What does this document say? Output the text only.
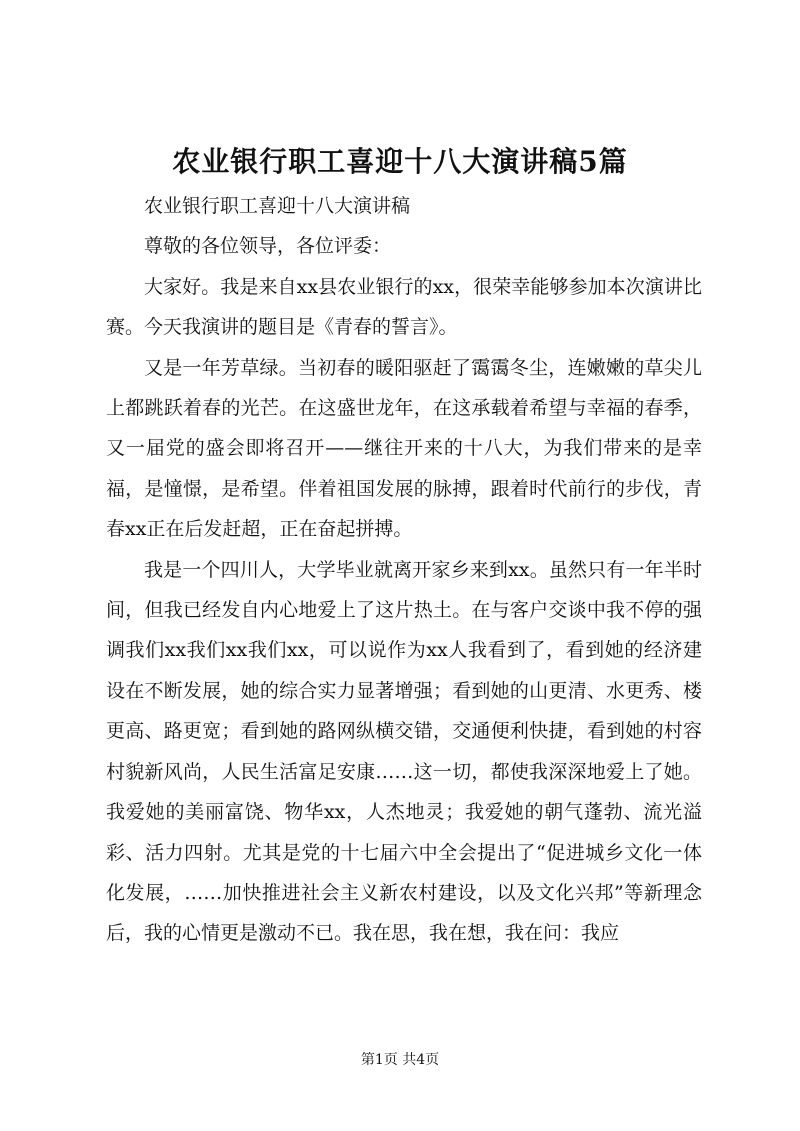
农业银行职工喜迎十八大演讲稿5篇

农业银行职工喜迎十八大演讲稿

尊敬的各位领导，各位评委：

大家好。我是来自xx县农业银行的xx，很荣幸能够参加本次演讲比赛。今天我演讲的题目是《青春的誓言》。

又是一年芳草绿。当初春的暖阳驱赶了霭霭冬尘，连嫩嫩的草尖儿上都跳跃着春的光芒。在这盛世龙年，在这承载着希望与幸福的春季，又一届党的盛会即将召开——继往开来的十八大，为我们带来的是幸福，是憧憬，是希望。伴着祖国发展的脉搏，跟着时代前行的步伐，青春xx正在后发赶超，正在奋起拼搏。

我是一个四川人，大学毕业就离开家乡来到xx。虽然只有一年半时间，但我已经发自内心地爱上了这片热土。在与客户交谈中我不停的强调我们xx我们xx我们xx，可以说作为xx人我看到了，看到她的经济建设在不断发展，她的综合实力显著增强；看到她的山更清、水更秀、楼更高、路更宽；看到她的路网纵横交错，交通便利快捷，看到她的村容村貌新风尚，人民生活富足安康……这一切，都使我深深地爱上了她。我爱她的美丽富饶、物华xx，人杰地灵；我爱她的朝气蓬勃、流光溢彩、活力四射。尤其是党的十七届六中全会提出了“促进城乡文化一体化发展，……加快推进社会主义新农村建设，以及文化兴邦”等新理念后，我的心情更是激动不已。我在思，我在想，我在问：我应

第1页 共4页
